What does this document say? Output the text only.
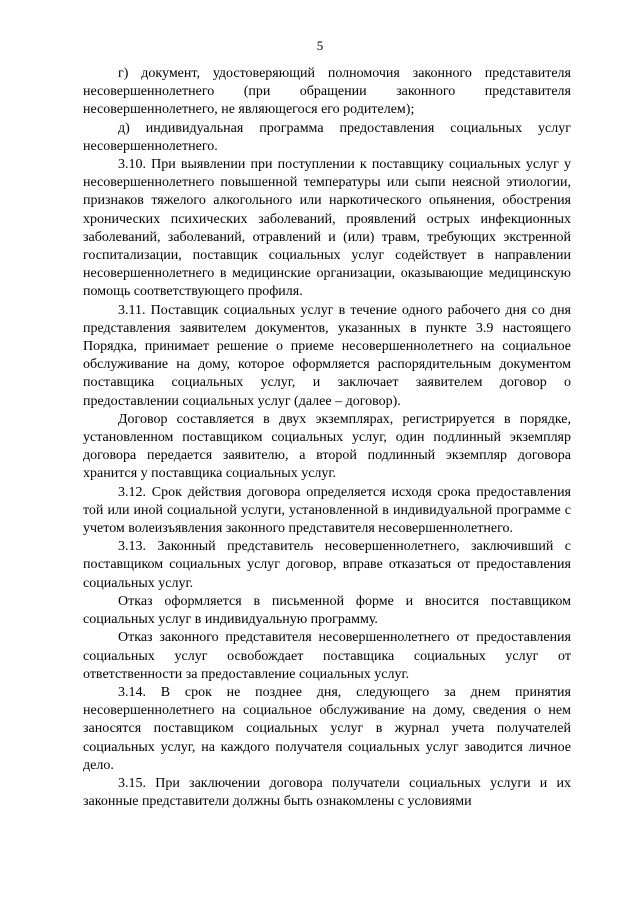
5

г) документ, удостоверяющий полномочия законного представителя несовершеннолетнего (при обращении законного представителя несовершеннолетнего, не являющегося его родителем);

д) индивидуальная программа предоставления социальных услуг несовершеннолетнего.

3.10. При выявлении при поступлении к поставщику социальных услуг у несовершеннолетнего повышенной температуры или сыпи неясной этиологии, признаков тяжелого алкогольного или наркотического опьянения, обострения хронических психических заболеваний, проявлений острых инфекционных заболеваний, заболеваний, отравлений и (или) травм, требующих экстренной госпитализации, поставщик социальных услуг содействует в направлении несовершеннолетнего в медицинские организации, оказывающие медицинскую помощь соответствующего профиля.

3.11. Поставщик социальных услуг в течение одного рабочего дня со дня представления заявителем документов, указанных в пункте 3.9 настоящего Порядка, принимает решение о приеме несовершеннолетнего на социальное обслуживание на дому, которое оформляется распорядительным документом поставщика социальных услуг, и заключает заявителем договор о предоставлении социальных услуг (далее – договор).

Договор составляется в двух экземплярах, регистрируется в порядке, установленном поставщиком социальных услуг, один подлинный экземпляр договора передается заявителю, а второй подлинный экземпляр договора хранится у поставщика социальных услуг.

3.12. Срок действия договора определяется исходя срока предоставления той или иной социальной услуги, установленной в индивидуальной программе с учетом волеизъявления законного представителя несовершеннолетнего.

3.13. Законный представитель несовершеннолетнего, заключивший с поставщиком социальных услуг договор, вправе отказаться от предоставления социальных услуг.

Отказ оформляется в письменной форме и вносится поставщиком социальных услуг в индивидуальную программу.

Отказ законного представителя несовершеннолетнего от предоставления социальных услуг освобождает поставщика социальных услуг от ответственности за предоставление социальных услуг.

3.14. В срок не позднее дня, следующего за днем принятия несовершеннолетнего на социальное обслуживание на дому, сведения о нем заносятся поставщиком социальных услуг в журнал учета получателей социальных услуг, на каждого получателя социальных услуг заводится личное дело.

3.15. При заключении договора получатели социальных услуги и их законные представители должны быть ознакомлены с условиями
